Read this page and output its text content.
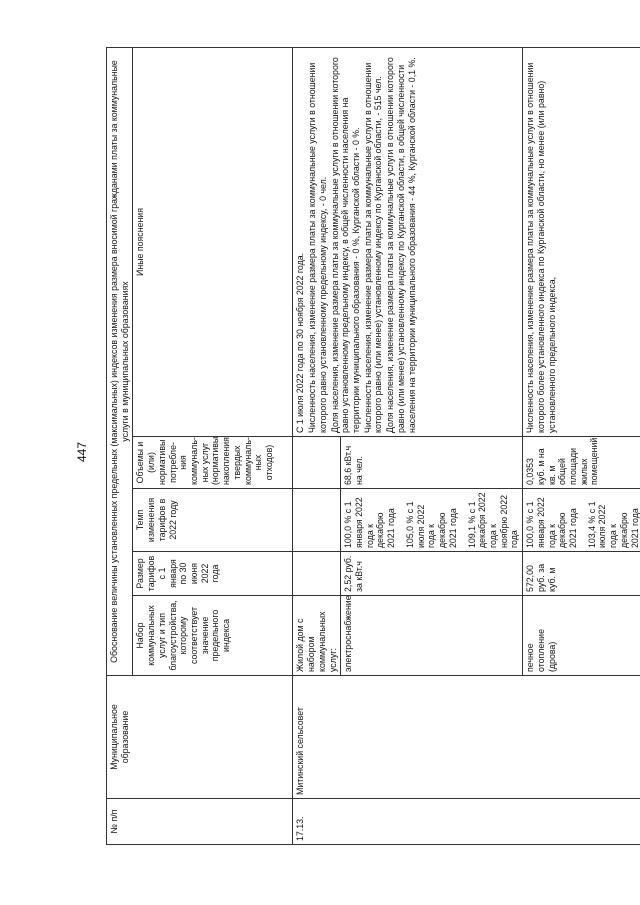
447
№ п/п	Муниципальное образование	Обоснование величины установленных предельных (максимальных) индексов изменения размера вносимой гражданами платы за коммунальные услуги в муниципальных образованиях				
		Набор коммунальных услуг и тип благоустройства, которому соответствует значение предельного индекса	Размер тарифов с 1 января по 30 июня 2022 года	Темп изменения тарифов в 2022 году	Объемы и (или) нормативы потребле-ния коммуналь-ных услуг (нормативы накопления твердых коммуналь-ных отходов)	Иные пояснения
17.13.	Митинский сельсовет	Жилой дом с набором коммунальных услуг:				С 1 июля 2022 года по 30 ноября 2022 года. Численность населения, изменение размера платы за коммунальные услуги в отношении которого равно установленному предельному индексу, - 0 чел. Доля населения, изменение размера платы за коммунальные услуги в отношении которого равно установленному предельному индексу, в общей численности населения на территории муниципального образования - 0 %, Курганской области - 0 %. Численность населения, изменение размера платы за коммунальные услуги в отношении которого равно (или менее) установленному индексу по Курганской области, - 515 чел. Доля населения, изменение размера платы за коммунальные услуги в отношении которого равно (или менее) установленному индексу по Курганской области, в общей численности населения на территории муниципального образования - 44 %, Курганской области - 0,1 %.

		электроснабжение	2,52 руб. за кВт.ч	100,0 % с 1 января 2022 года к декабрю 2021 года 105,0 % с 1 июля 2022 года к декабрю 2021 года 109,1 % с 1 декабря 2022 года к ноябрю 2022 года	68,6 кВт.ч на чел.	
		печное отопление (дрова)	572,00 руб. за куб. м	100,0 % с 1 января 2022 года к декабрю 2021 года 103,4 % с 1 июля 2022 года к декабрю 2021 года	0,0353 куб. м на кв. м общей площади жилых помещений	Численность населения, изменение размера платы за коммунальные услуги в отношении которого более установленного индекса по Курганской области, но менее (или равно) установленного предельного индекса,
